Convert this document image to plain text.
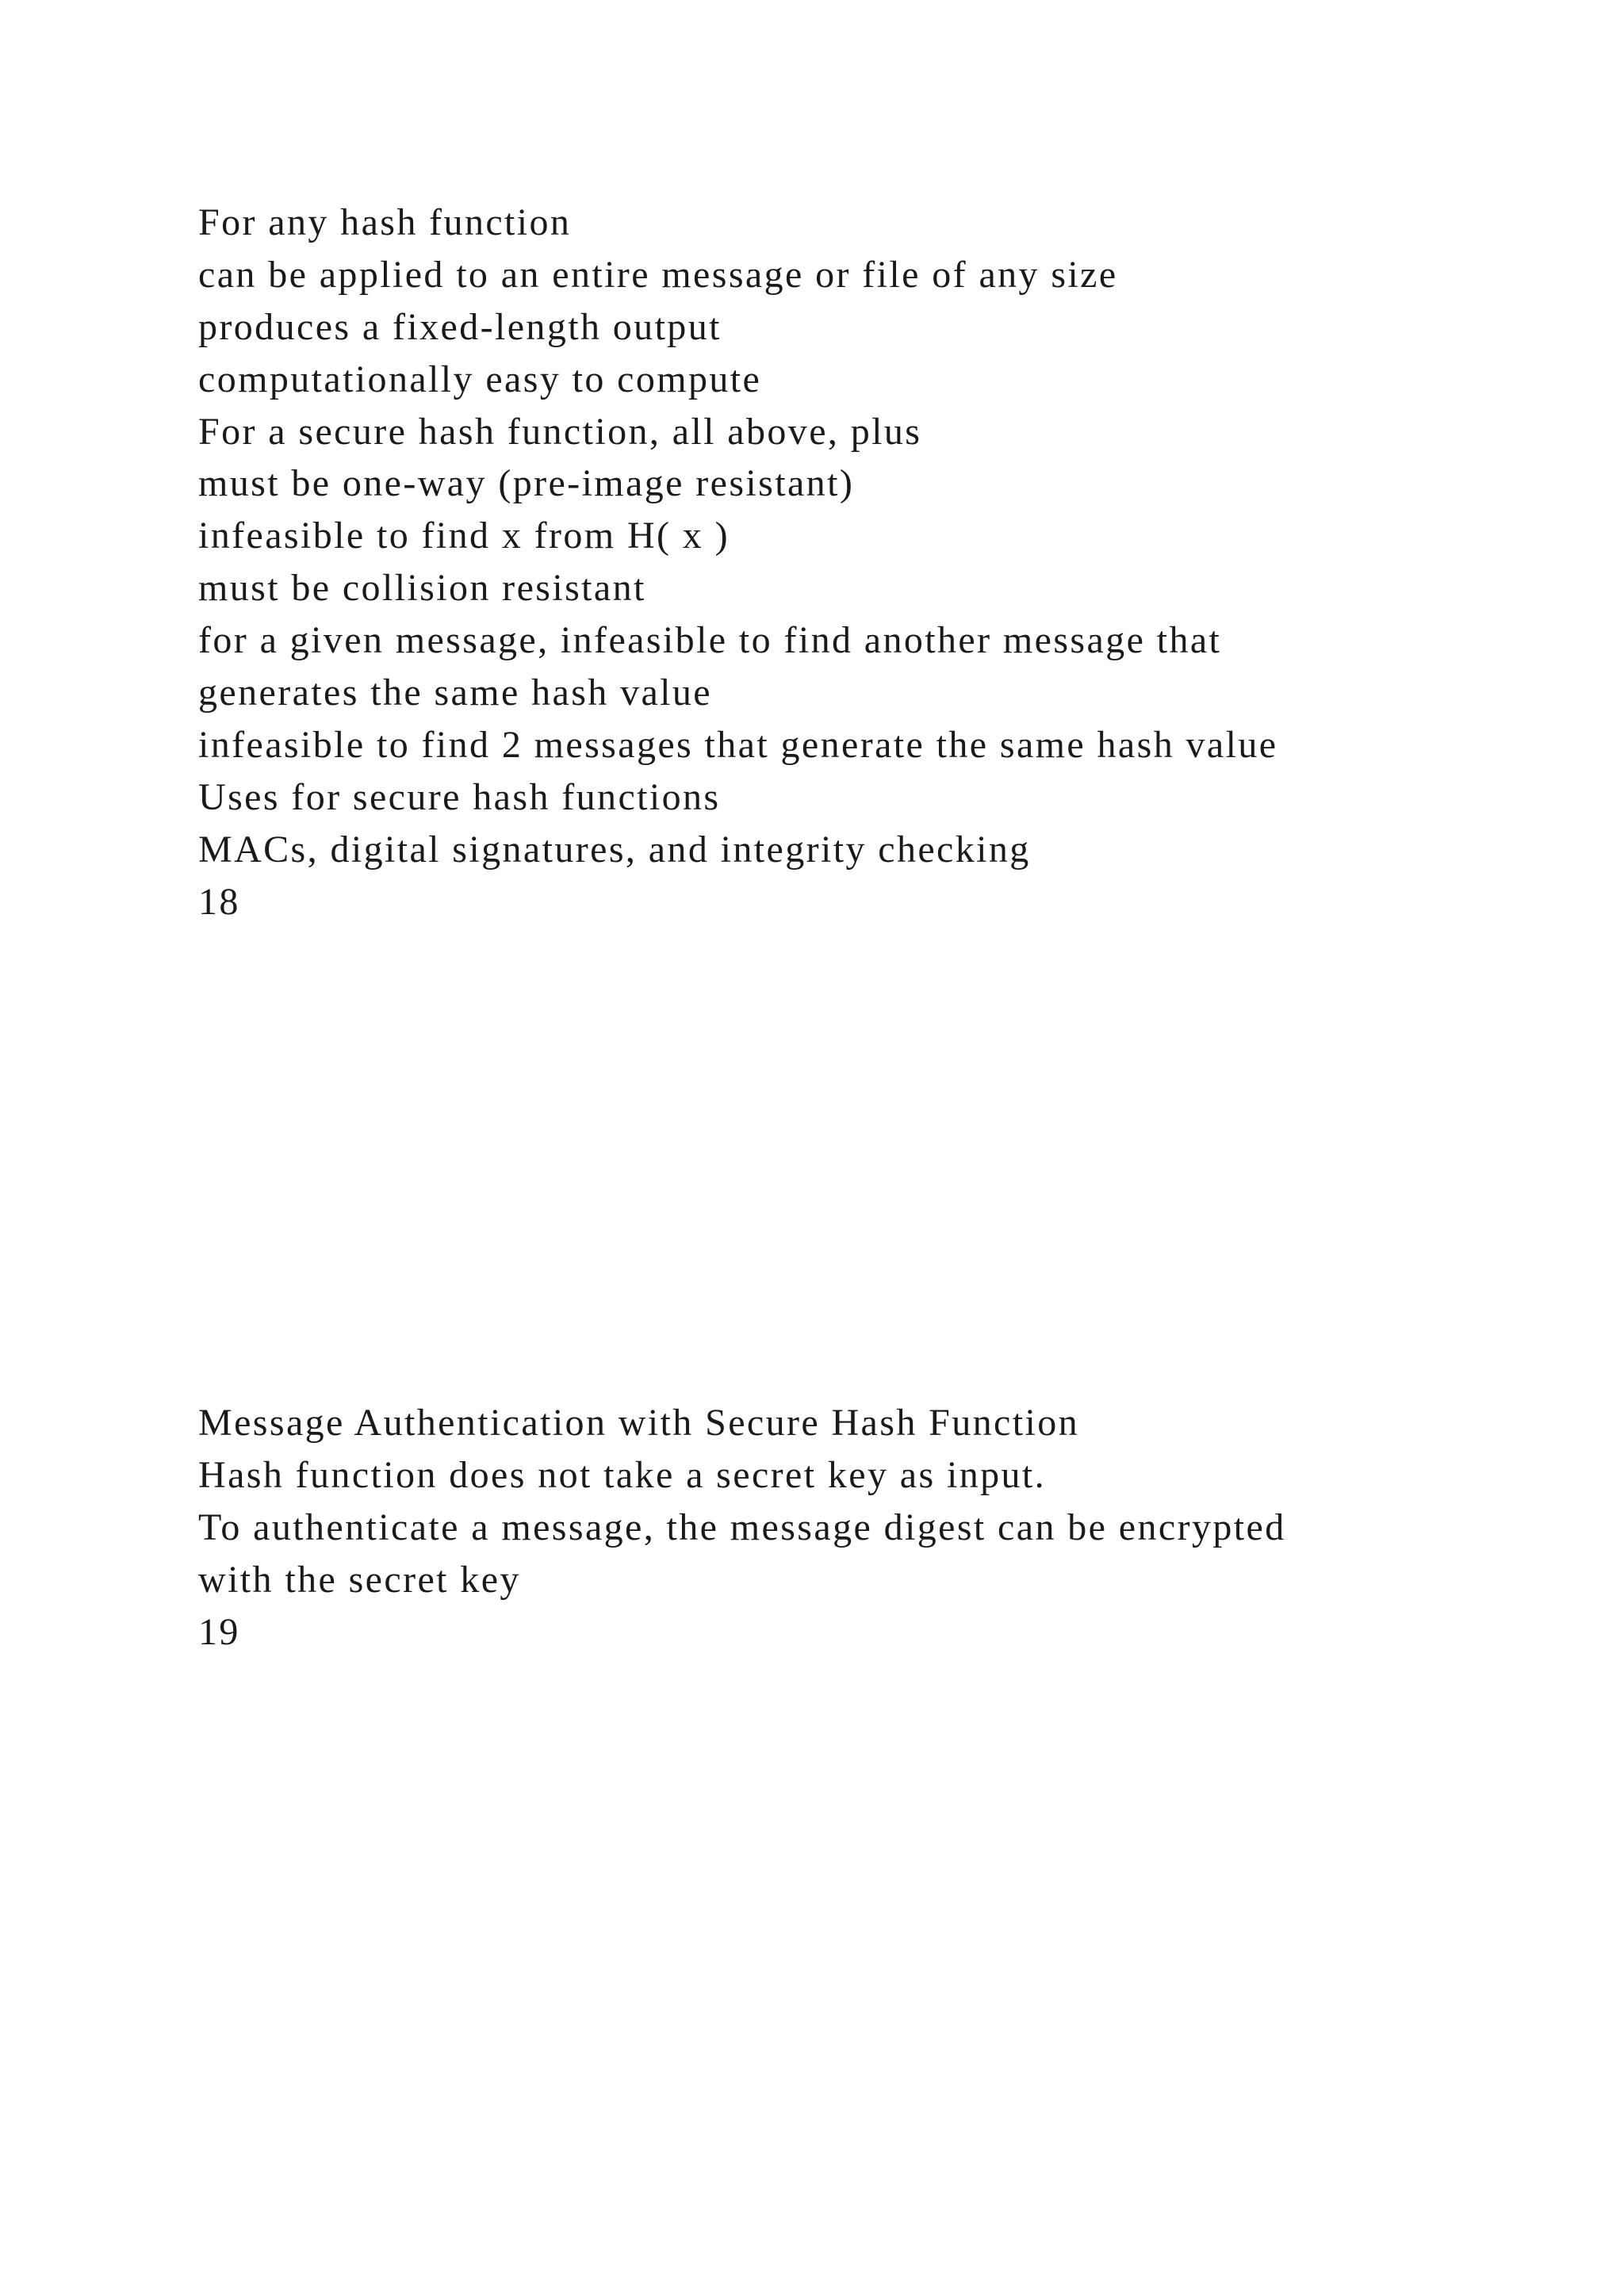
For any hash function
can be applied to an entire message or file of any size
produces a fixed-length output
computationally easy to compute
For a secure hash function, all above, plus
must be one-way (pre-image resistant)
infeasible to find x from H( x )
must be collision resistant
for a given message, infeasible to find another message that
generates the same hash value
infeasible to find 2 messages that generate the same hash value
Uses for secure hash functions
MACs, digital signatures, and integrity checking
18
Message Authentication with Secure Hash Function
Hash function does not take a secret key as input.
To authenticate a message, the message digest can be encrypted
with the secret key
19
